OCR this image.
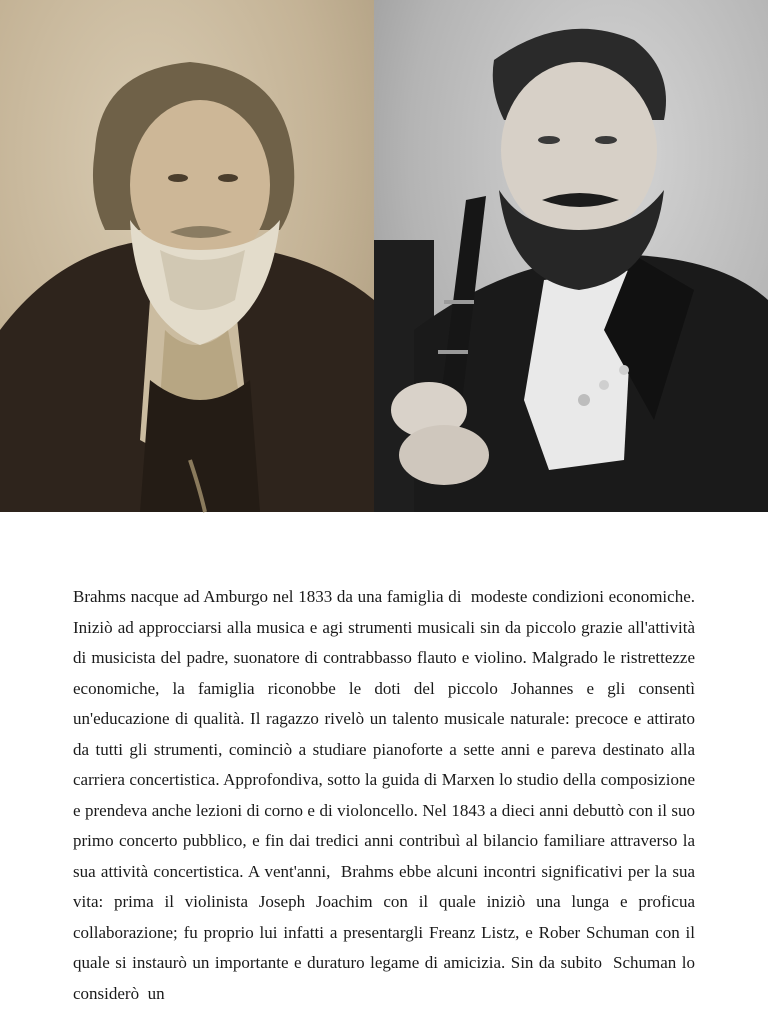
Brahms nacque ad Amburgo nel 1833 da una famiglia di  modeste condizioni economiche. Iniziò ad approcciarsi alla musica e agi strumenti musicali sin da piccolo grazie all'attività di musicista del padre, suonatore di contrabbasso flauto e violino. Malgrado le ristrettezze economiche, la famiglia riconobbe le doti del piccolo Johannes e gli consentì un'educazione di qualità. Il ragazzo rivelò un talento musicale naturale: precoce e attirato da tutti gli strumenti, cominciò a studiare pianoforte a sette anni e pareva destinato alla carriera concertistica. Approfondiva, sotto la guida di Marxen lo studio della composizione e prendeva anche lezioni di corno e di violoncello. Nel 1843 a dieci anni debuttò con il suo primo concerto pubblico, e fin dai tredici anni contribuì al bilancio familiare attraverso la sua attività concertistica. A vent'anni,  Brahms ebbe alcuni incontri significativi per la sua vita: prima il violinista Joseph Joachim con il quale iniziò una lunga e proficua collaborazione; fu proprio lui infatti a presentargli Freanz Listz, e Rober Schuman con il quale si instaurò un importante e duraturo legame di amicizia. Sin da subito  Schuman lo considerò  un
